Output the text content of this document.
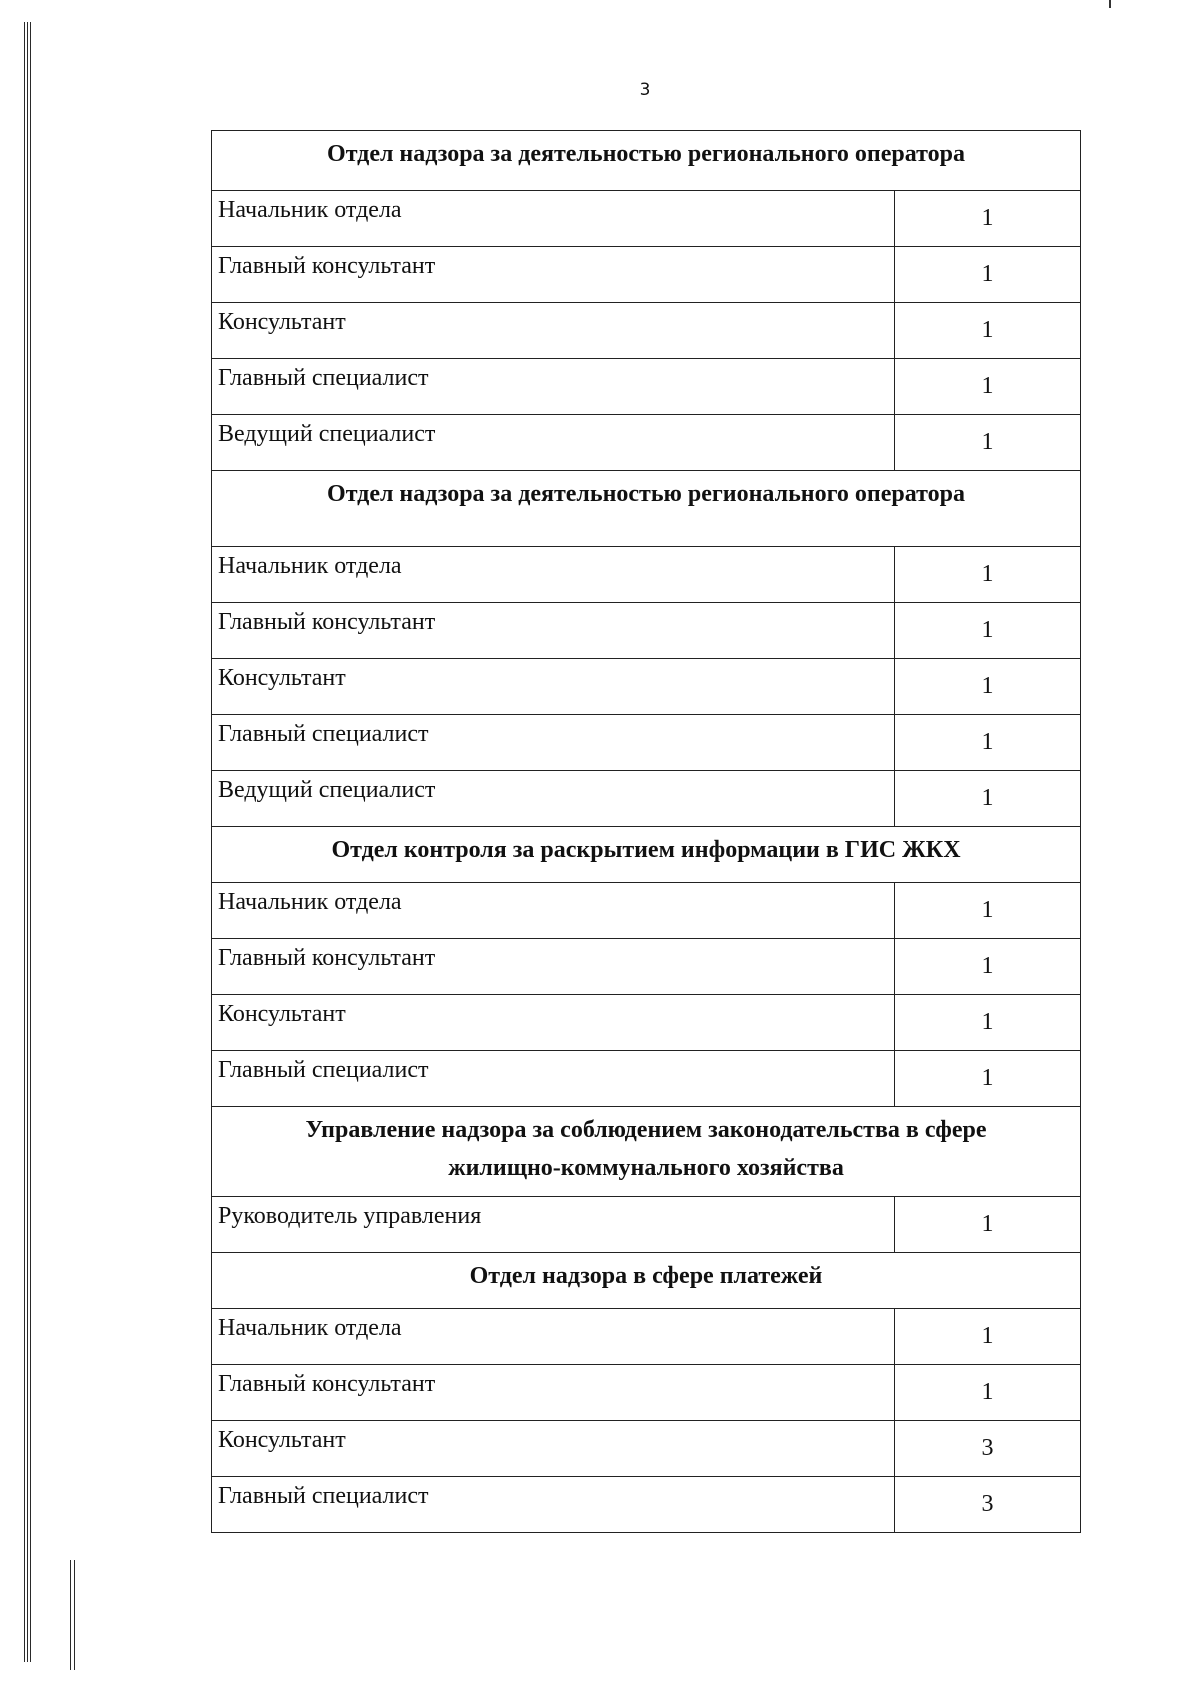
3
Отдел надзора за деятельностью регионального оператора
Начальник отдела	1
Главный консультант	1
Консультант	1
Главный специалист	1
Ведущий специалист	1
Отдел надзора за деятельностью регионального оператора
Начальник отдела	1
Главный консультант	1
Консультант	1
Главный специалист	1
Ведущий специалист	1
Отдел контроля за раскрытием информации в ГИС ЖКХ
Начальник отдела	1
Главный консультант	1
Консультант	1
Главный специалист	1
Управление надзора за соблюдением законодательства в сфере
жилищно-коммунального хозяйства
Руководитель управления	1
Отдел надзора в сфере платежей
Начальник отдела	1
Главный консультант	1
Консультант	3
Главный специалист	3
